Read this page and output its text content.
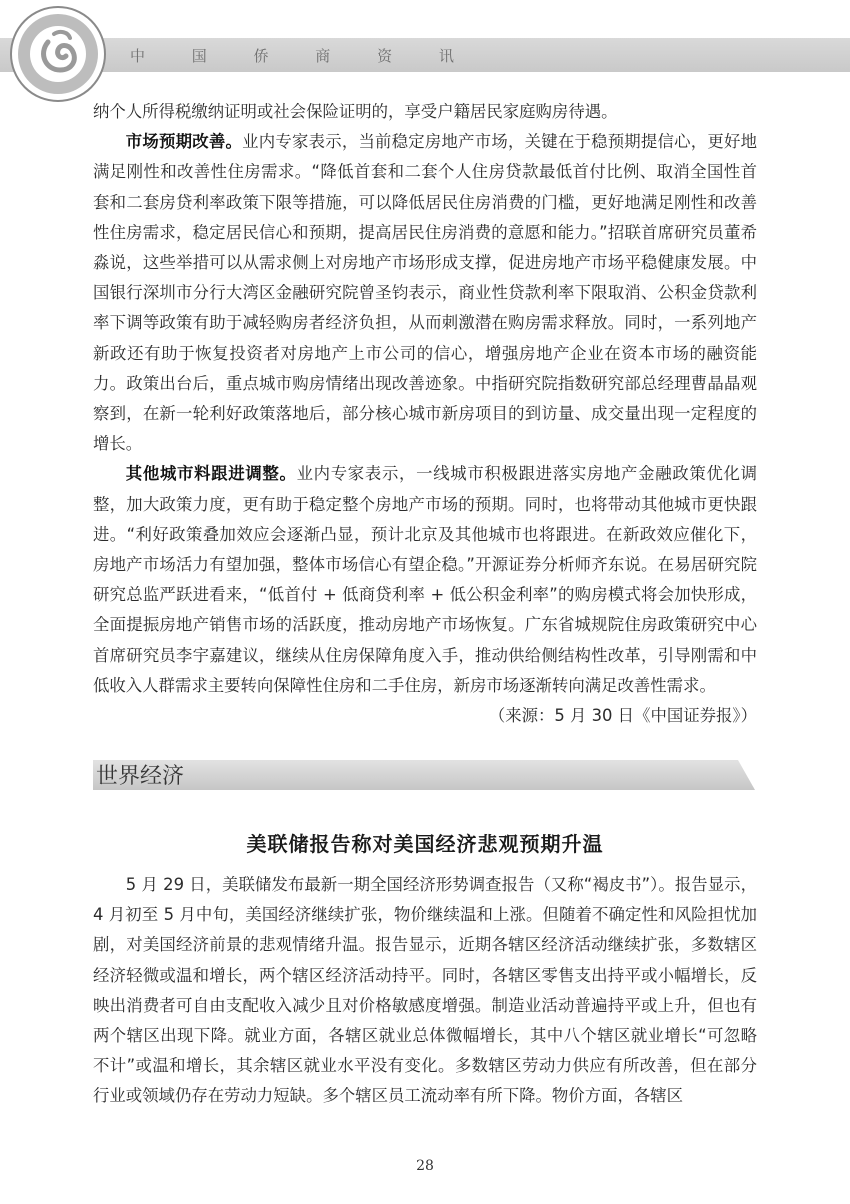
中 国 侨 商 资 讯

纳个人所得税缴纳证明或社会保险证明的，享受户籍居民家庭购房待遇。

市场预期改善。业内专家表示，当前稳定房地产市场，关键在于稳预期提信心，更好地满足刚性和改善性住房需求。“降低首套和二套个人住房贷款最低首付比例、取消全国性首套和二套房贷利率政策下限等措施，可以降低居民住房消费的门槛，更好地满足刚性和改善性住房需求，稳定居民信心和预期，提高居民住房消费的意愿和能力。”招联首席研究员董希淼说，这些举措可以从需求侧上对房地产市场形成支撑，促进房地产市场平稳健康发展。中国银行深圳市分行大湾区金融研究院曾圣钧表示，商业性贷款利率下限取消、公积金贷款利率下调等政策有助于减轻购房者经济负担，从而刺激潜在购房需求释放。同时，一系列地产新政还有助于恢复投资者对房地产上市公司的信心，增强房地产企业在资本市场的融资能力。政策出台后，重点城市购房情绪出现改善迹象。中指研究院指数研究部总经理曹晶晶观察到，在新一轮利好政策落地后，部分核心城市新房项目的到访量、成交量出现一定程度的增长。

其他城市料跟进调整。业内专家表示，一线城市积极跟进落实房地产金融政策优化调整，加大政策力度，更有助于稳定整个房地产市场的预期。同时，也将带动其他城市更快跟进。“利好政策叠加效应会逐渐凸显，预计北京及其他城市也将跟进。在新政效应催化下，房地产市场活力有望加强，整体市场信心有望企稳。”开源证券分析师齐东说。在易居研究院研究总监严跃进看来，“低首付 + 低商贷利率 + 低公积金利率”的购房模式将会加快形成，全面提振房地产销售市场的活跃度，推动房地产市场恢复。广东省城规院住房政策研究中心首席研究员李宇嘉建议，继续从住房保障角度入手，推动供给侧结构性改革，引导刚需和中低收入人群需求主要转向保障性住房和二手住房，新房市场逐渐转向满足改善性需求。

（来源：5 月 30 日《中国证券报》）

世界经济
美联储报告称对美国经济悲观预期升温

5 月 29 日，美联储发布最新一期全国经济形势调查报告（又称“褐皮书”）。报告显示，4 月初至 5 月中旬，美国经济继续扩张，物价继续温和上涨。但随着不确定性和风险担忧加剧，对美国经济前景的悲观情绪升温。报告显示，近期各辖区经济活动继续扩张，多数辖区经济轻微或温和增长，两个辖区经济活动持平。同时，各辖区零售支出持平或小幅增长，反映出消费者可自由支配收入减少且对价格敏感度增强。制造业活动普遍持平或上升，但也有两个辖区出现下降。就业方面，各辖区就业总体微幅增长，其中八个辖区就业增长“可忽略不计”或温和增长，其余辖区就业水平没有变化。多数辖区劳动力供应有所改善，但在部分行业或领域仍存在劳动力短缺。多个辖区员工流动率有所下降。物价方面，各辖区

28
